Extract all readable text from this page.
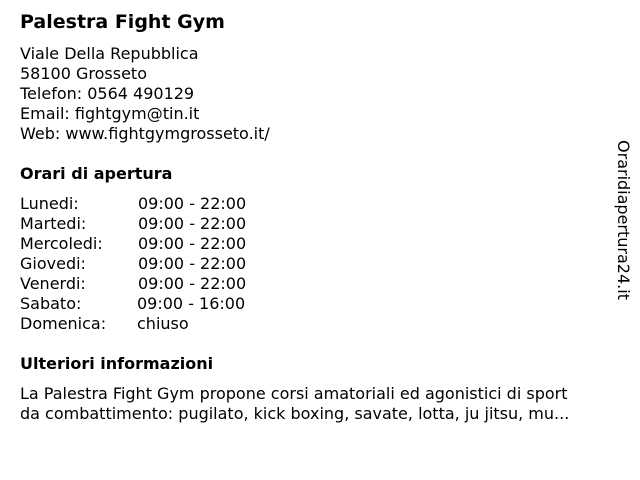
Palestra Fight Gym
Viale Della Repubblica
58100 Grosseto
Telefon: 0564 490129
Email: fightgym@tin.it
Web: www.fightgymgrosseto.it/
Orari di apertura
Lunedi:	09:00 - 22:00
Martedi:	09:00 - 22:00
Mercoledi: 09:00 - 22:00
Giovedi:	09:00 - 22:00
Venerdi:	09:00 - 22:00
Sabato:	09:00 - 16:00
Domenica: chiuso
Ulteriori informazioni
La Palestra Fight Gym propone corsi amatoriali ed agonistici di sport
da combattimento: pugilato, kick boxing, savate, lotta, ju jitsu, mu...
Oraridiapertura24.it
